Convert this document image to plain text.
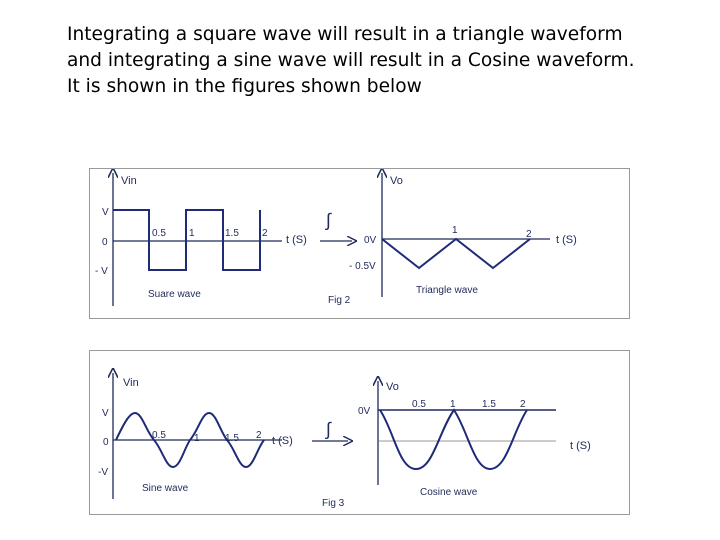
Integrating a square wave will result in a triangle waveform
and integrating a sine wave will result in a Cosine waveform.
It is shown in the figures shown below
Vin
V
0
- V
0.5 1	1.5 2
t (S)
Suare wave
∫
Vo
0V
- 0.5V
1	2 t (S)
Triangle wave
Fig 2
Vin
V
0
-V
0.5	1	1.5 2 t (S)
Sine wave
∫
Vo
0V
0.5 1	1.5 2
t (S)
Cosine wave
Fig 3
